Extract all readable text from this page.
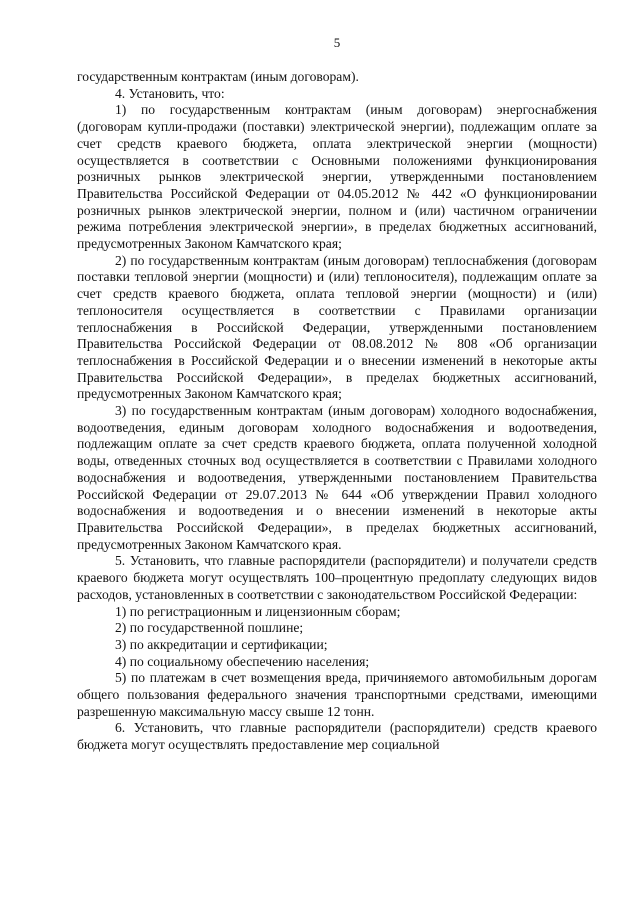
5

государственным контрактам (иным договорам).

4. Установить, что:

1) по государственным контрактам (иным договорам) энергоснабжения (договорам купли-продажи (поставки) электрической энергии), подлежащим оплате за счет средств краевого бюджета, оплата электрической энергии (мощности) осуществляется в соответствии с Основными положениями функционирования розничных рынков электрической энергии, утвержденными постановлением Правительства Российской Федерации от 04.05.2012 № 442 «О функционировании розничных рынков электрической энергии, полном и (или) частичном ограничении режима потребления электрической энергии», в пределах бюджетных ассигнований, предусмотренных Законом Камчатского края;

2) по государственным контрактам (иным договорам) теплоснабжения (договорам поставки тепловой энергии (мощности) и (или) теплоносителя), подлежащим оплате за счет средств краевого бюджета, оплата тепловой энергии (мощности) и (или) теплоносителя осуществляется в соответствии с Правилами организации теплоснабжения в Российской Федерации, утвержденными постановлением Правительства Российской Федерации от 08.08.2012 № 808 «Об организации теплоснабжения в Российской Федерации и о внесении изменений в некоторые акты Правительства Российской Федерации», в пределах бюджетных ассигнований, предусмотренных Законом Камчатского края;

3) по государственным контрактам (иным договорам) холодного водоснабжения, водоотведения, единым договорам холодного водоснабжения и водоотведения, подлежащим оплате за счет средств краевого бюджета, оплата полученной холодной воды, отведенных сточных вод осуществляется в соответствии с Правилами холодного водоснабжения и водоотведения, утвержденными постановлением Правительства Российской Федерации от 29.07.2013 № 644 «Об утверждении Правил холодного водоснабжения и водоотведения и о внесении изменений в некоторые акты Правительства Российской Федерации», в пределах бюджетных ассигнований, предусмотренных Законом Камчатского края.

5. Установить, что главные распорядители (распорядители) и получатели средств краевого бюджета могут осуществлять 100–процентную предоплату следующих видов расходов, установленных в соответствии с законодательством Российской Федерации:

1) по регистрационным и лицензионным сборам;

2) по государственной пошлине;

3) по аккредитации и сертификации;

4) по социальному обеспечению населения;

5) по платежам в счет возмещения вреда, причиняемого автомобильным дорогам общего пользования федерального значения транспортными средствами, имеющими разрешенную максимальную массу свыше 12 тонн.

6. Установить, что главные распорядители (распорядители) средств краевого бюджета могут осуществлять предоставление мер социальной
